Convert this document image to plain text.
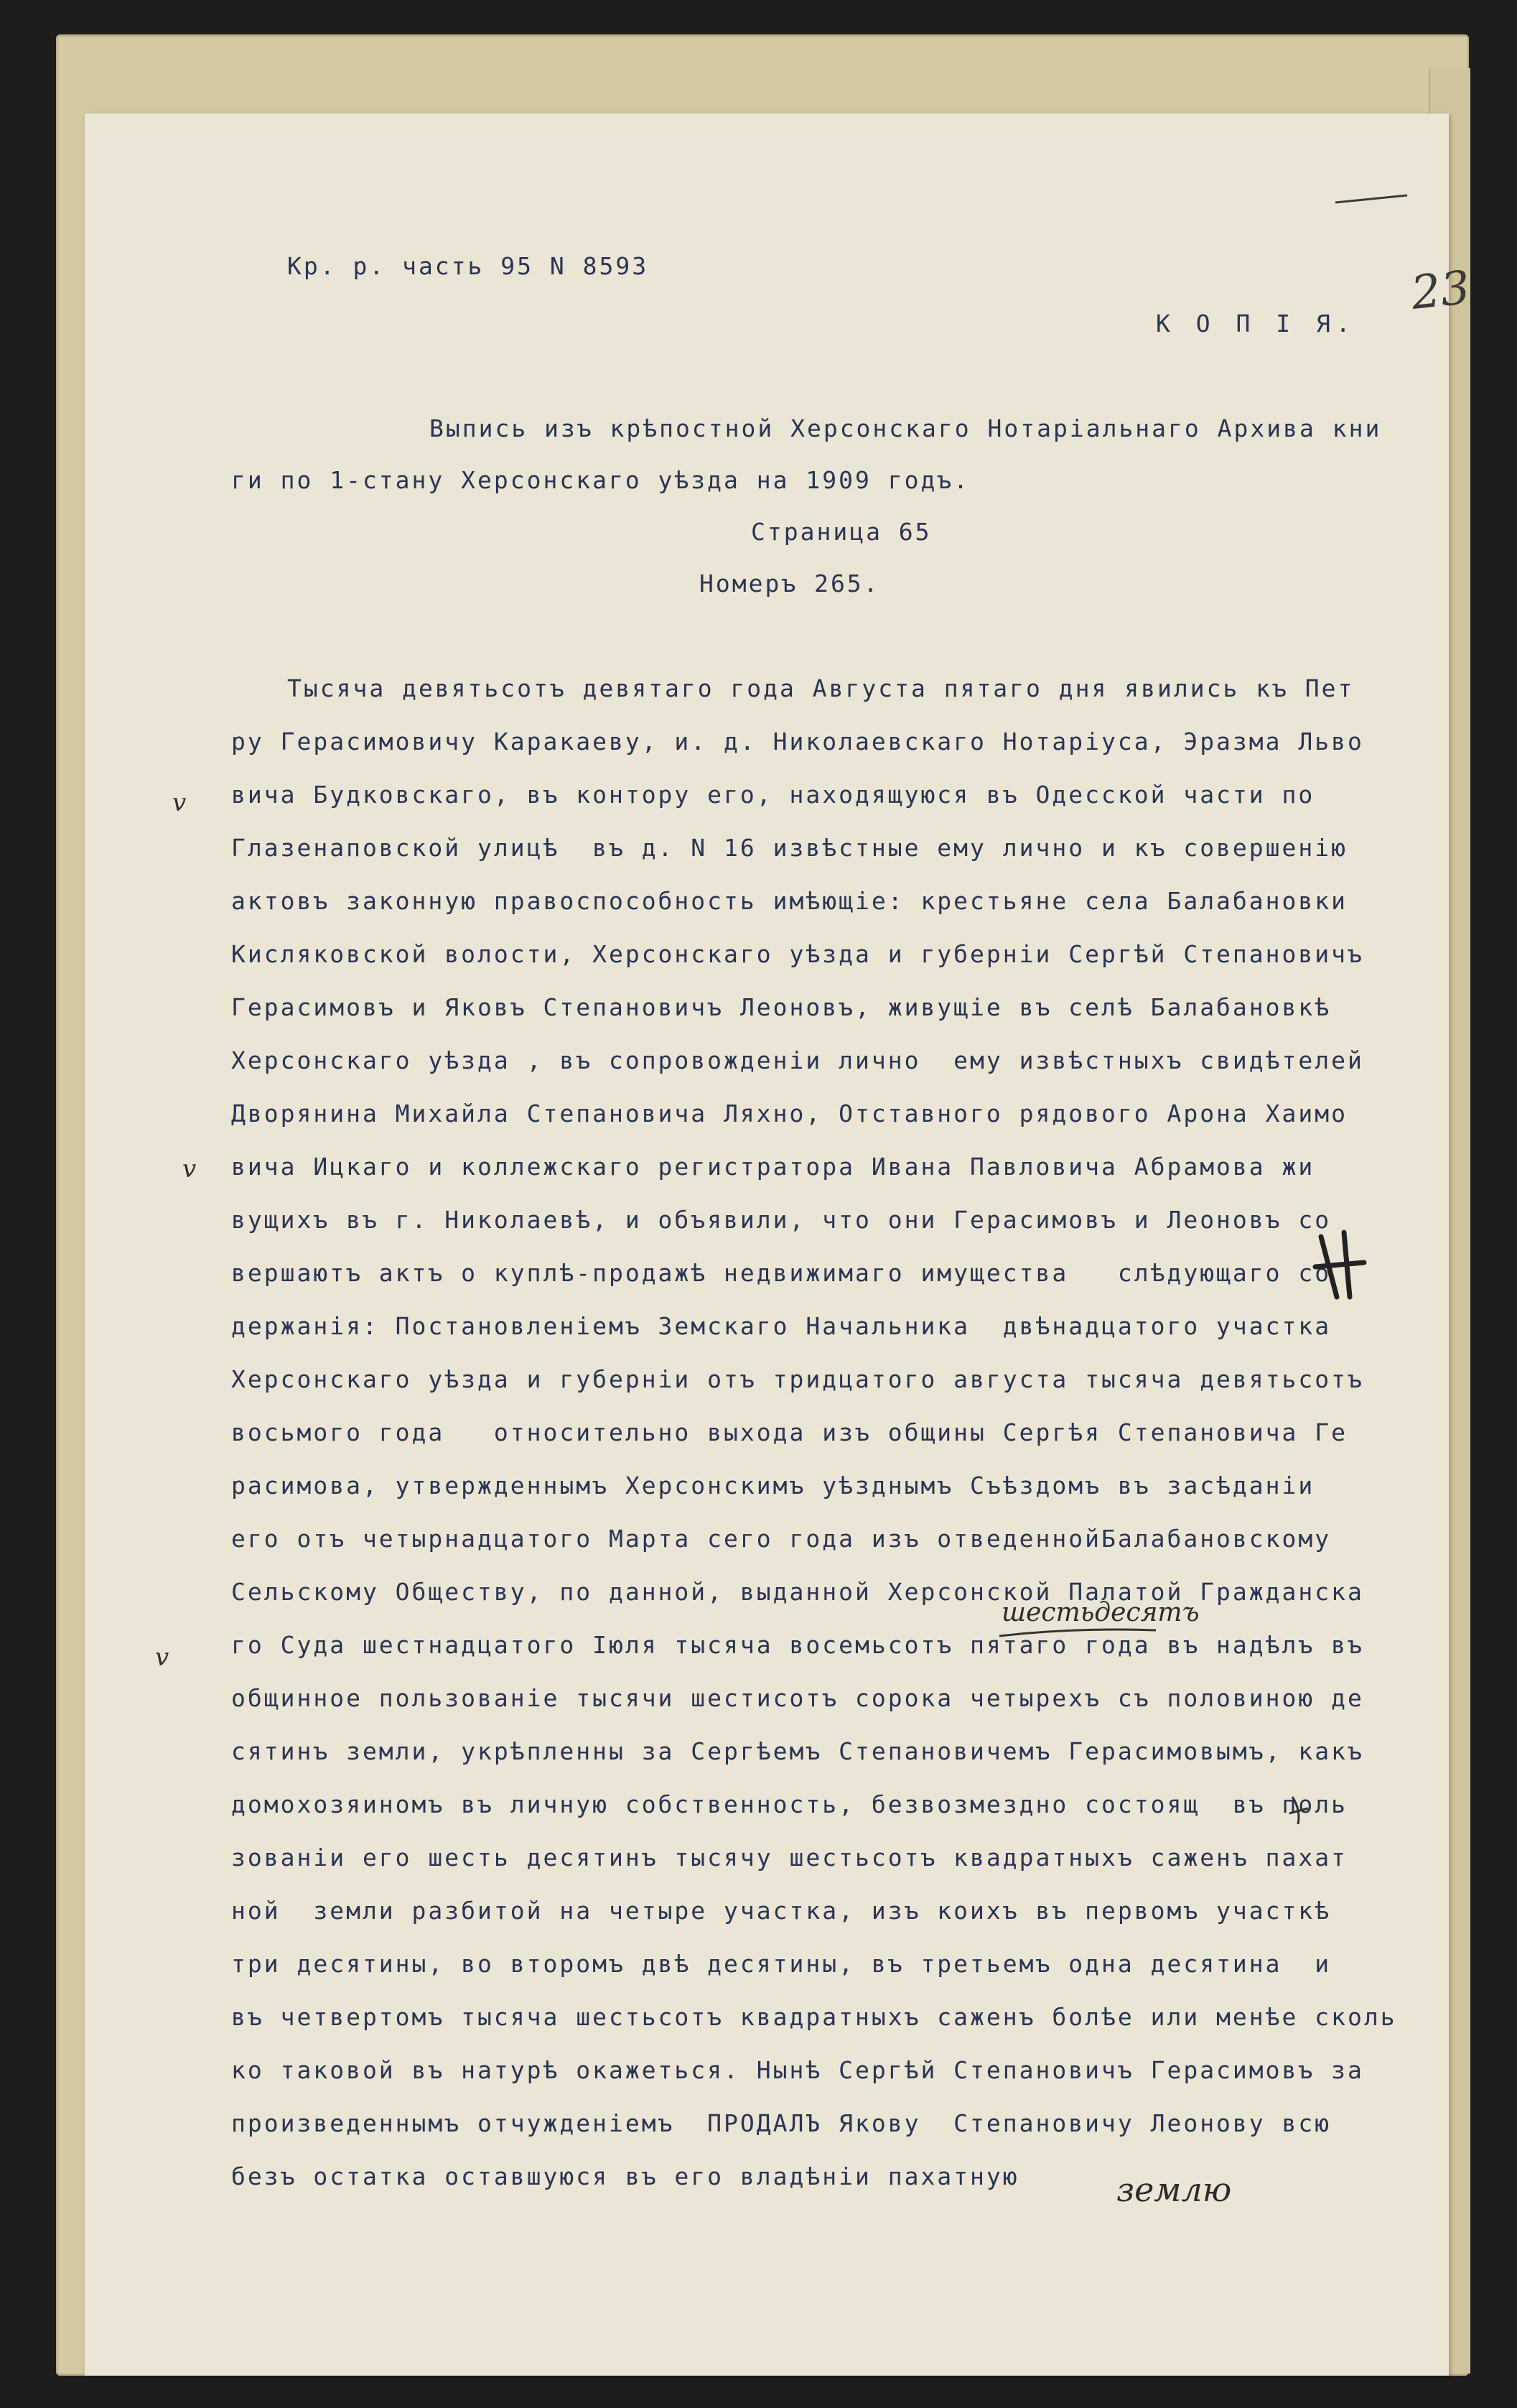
23
Кр. р. часть 95 N 8593
К О П І Я.
Выпись изъ крѣпостной Херсонскаго Нотаріальнаго Архива кни
ги по 1-стану Херсонскаго уѣзда на 1909 годъ.
Страница 65
Номеръ 265.
Тысяча девятьсотъ девятаго года Августа пятаго дня явились къ Пет
ру Герасимовичу Каракаеву, и. д. Николаевскаго Нотаріуса, Эразма Льво
вича Будковскаго, въ контору его, находящуюся въ Одесской части по
Глазенаповской улицѣ  въ д. N 16 извѣстные ему лично и къ совершенію
актовъ законную правоспособность имѣющіе: крестьяне села Балабановки
Кисляковской волости, Херсонскаго уѣзда и губерніи Сергѣй Степановичъ
Герасимовъ и Яковъ Степановичъ Леоновъ, живущіе въ селѣ Балабановкѣ
Херсонскаго уѣзда , въ сопровожденіи лично  ему извѣстныхъ свидѣтелей
Дворянина Михайла Степановича Ляхно, Отставного рядового Арона Хаимо
вича Ицкаго и коллежскаго регистратора Ивана Павловича Абрамова жи
вущихъ въ г. Николаевѣ, и объявили, что они Герасимовъ и Леоновъ со
вершаютъ актъ о куплѣ-продажѣ недвижимаго имущества   слѣдующаго со
держанія: Постановленіемъ Земскаго Начальника  двѣнадцатого участка
Херсонскаго уѣзда и губерніи отъ тридцатого августа тысяча девятьсотъ
восьмого года   относительно выхода изъ общины Сергѣя Степановича Ге
расимова, утвержденнымъ Херсонскимъ уѣзднымъ Съѣздомъ въ засѣданіи
его отъ четырнадцатого Марта сего года изъ отведеннойБалабановскому
Сельскому Обществу, по данной, выданной Херсонской Палатой Гражданска
го Суда шестнадцатого Іюля тысяча восемьсотъ пятаго года въ надѣлъ въ
общинное пользованіе тысячи шестисотъ сорока четырехъ съ половиною де
сятинъ земли, укрѣпленны за Сергѣемъ Степановичемъ Герасимовымъ, какъ
домохозяиномъ въ личную собственность, безвозмездно состоящ  въ поль
зованіи его шесть десятинъ тысячу шестьсотъ квадратныхъ саженъ пахат
ной  земли разбитой на четыре участка, изъ коихъ въ первомъ участкѣ
три десятины, во второмъ двѣ десятины, въ третьемъ одна десятина  и
въ четвертомъ тысяча шестьсотъ квадратныхъ саженъ болѣе или менѣе сколь
ко таковой въ натурѣ окажеться. Нынѣ Сергѣй Степановичъ Герасимовъ за
произведеннымъ отчужденіемъ  ПРОДАЛЪ Якову  Степановичу Леонову всю
безъ остатка оставшуюся въ его владѣніи пахатную
шестьдесятъ
землю
v
v
v
